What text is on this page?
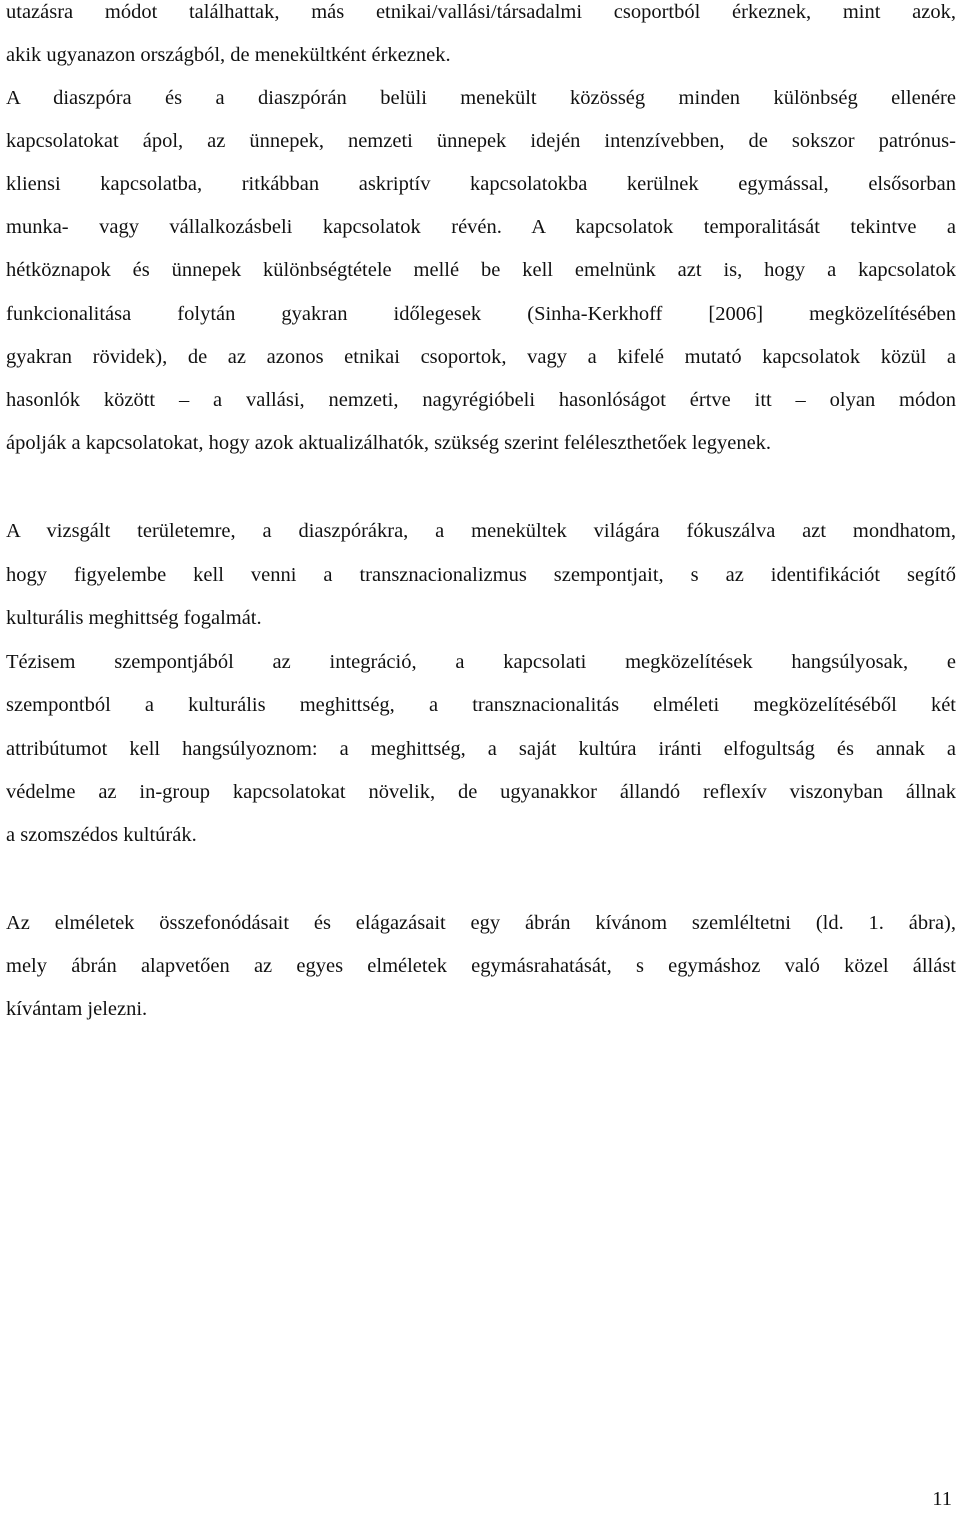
utazásra módot találhattak, más etnikai/vallási/társadalmi csoportból érkeznek, mint azok,
akik ugyanazon országból, de menekültként érkeznek.
A diaszpóra és a diaszpórán belüli menekült közösség minden különbség ellenére
kapcsolatokat ápol, az ünnepek, nemzeti ünnepek idején intenzívebben, de sokszor patrónus-
kliensi kapcsolatba, ritkábban askriptív kapcsolatokba kerülnek egymással, elsősorban
munka- vagy vállalkozásbeli kapcsolatok révén. A kapcsolatok temporalitását tekintve a
hétköznapok és ünnepek különbségtétele mellé be kell emelnünk azt is, hogy a kapcsolatok
funkcionalitása folytán gyakran időlegesek (Sinha-Kerkhoff [2006] megközelítésében
gyakran rövidek), de az azonos etnikai csoportok, vagy a kifelé mutató kapcsolatok közül a
hasonlók között – a vallási, nemzeti, nagyrégióbeli hasonlóságot értve itt – olyan módon
ápolják a kapcsolatokat, hogy azok aktualizálhatók, szükség szerint feléleszthetőek legyenek.
A vizsgált területemre, a diaszpórákra, a menekültek világára fókuszálva azt mondhatom,
hogy figyelembe kell venni a transznacionalizmus szempontjait, s az identifikációt segítő
kulturális meghittség fogalmát.
Tézisem szempontjából az integráció, a kapcsolati megközelítések hangsúlyosak, e
szempontból a kulturális meghittség, a transznacionalitás elméleti megközelítéséből két
attribútumot kell hangsúlyoznom: a meghittség, a saját kultúra iránti elfogultság és annak a
védelme az in-group kapcsolatokat növelik, de ugyanakkor állandó reflexív viszonyban állnak
a szomszédos kultúrák.
Az elméletek összefonódásait és elágazásait egy ábrán kívánom szemléltetni (ld. 1. ábra),
mely ábrán alapvetően az egyes elméletek egymásrahatását, s egymáshoz való közel állást
kívántam jelezni.
11
